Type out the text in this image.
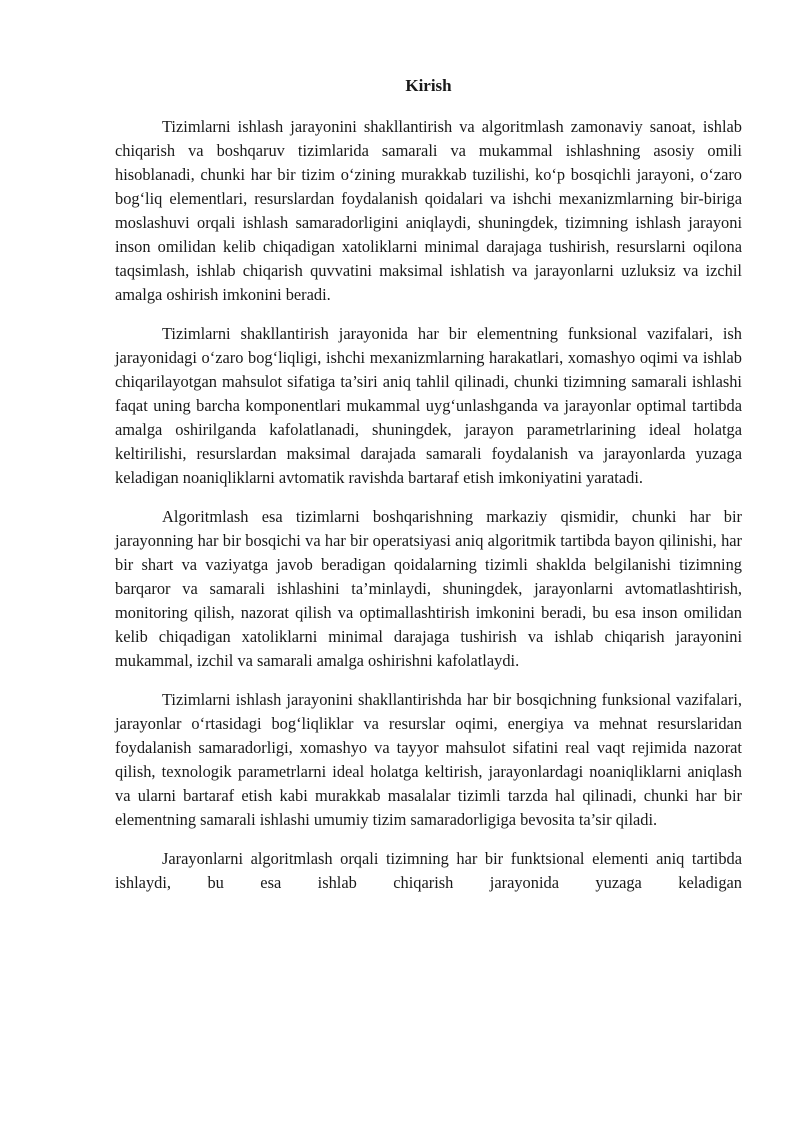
Kirish

Tizimlarni ishlash jarayonini shakllantirish va algoritmlash zamonaviy sanoat, ishlab chiqarish va boshqaruv tizimlarida samarali va mukammal ishlashning asosiy omili hisoblanadi, chunki har bir tizim o‘zining murakkab tuzilishi, ko‘p bosqichli jarayoni, o‘zaro bog‘liq elementlari, resurslardan foydalanish qoidalari va ishchi mexanizmlarning bir-biriga moslashuvi orqali ishlash samaradorligini aniqlaydi, shuningdek, tizimning ishlash jarayoni inson omilidan kelib chiqadigan xatoliklarni minimal darajaga tushirish, resurslarni oqilona taqsimlash, ishlab chiqarish quvvatini maksimal ishlatish va jarayonlarni uzluksiz va izchil amalga oshirish imkonini beradi.

Tizimlarni shakllantirish jarayonida har bir elementning funksional vazifalari, ish jarayonidagi o‘zaro bog‘liqligi, ishchi mexanizmlarning harakatlari, xomashyo oqimi va ishlab chiqarilayotgan mahsulot sifatiga ta’siri aniq tahlil qilinadi, chunki tizimning samarali ishlashi faqat uning barcha komponentlari mukammal uyg‘unlashganda va jarayonlar optimal tartibda amalga oshirilganda kafolatlanadi, shuningdek, jarayon parametrlarining ideal holatga keltirilishi, resurslardan maksimal darajada samarali foydalanish va jarayonlarda yuzaga keladigan noaniqliklarni avtomatik ravishda bartaraf etish imkoniyatini yaratadi.

Algoritmlash esa tizimlarni boshqarishning markaziy qismidir, chunki har bir jarayonning har bir bosqichi va har bir operatsiyasi aniq algoritmik tartibda bayon qilinishi, har bir shart va vaziyatga javob beradigan qoidalarning tizimli shaklda belgilanishi tizimning barqaror va samarali ishlashini ta’minlaydi, shuningdek, jarayonlarni avtomatlashtirish, monitoring qilish, nazorat qilish va optimallashtirish imkonini beradi, bu esa inson omilidan kelib chiqadigan xatoliklarni minimal darajaga tushirish va ishlab chiqarish jarayonini mukammal, izchil va samarali amalga oshirishni kafolatlaydi.

Tizimlarni ishlash jarayonini shakllantirishda har bir bosqichning funksional vazifalari, jarayonlar o‘rtasidagi bog‘liqliklar va resurslar oqimi, energiya va mehnat resurslaridan foydalanish samaradorligi, xomashyo va tayyor mahsulot sifatini real vaqt rejimida nazorat qilish, texnologik parametrlarni ideal holatga keltirish, jarayonlardagi noaniqliklarni aniqlash va ularni bartaraf etish kabi murakkab masalalar tizimli tarzda hal qilinadi, chunki har bir elementning samarali ishlashi umumiy tizim samaradorligiga bevosita ta’sir qiladi.

Jarayonlarni algoritmlash orqali tizimning har bir funktsional elementi aniq tartibda ishlaydi, bu esa ishlab chiqarish jarayonida yuzaga keladigan
